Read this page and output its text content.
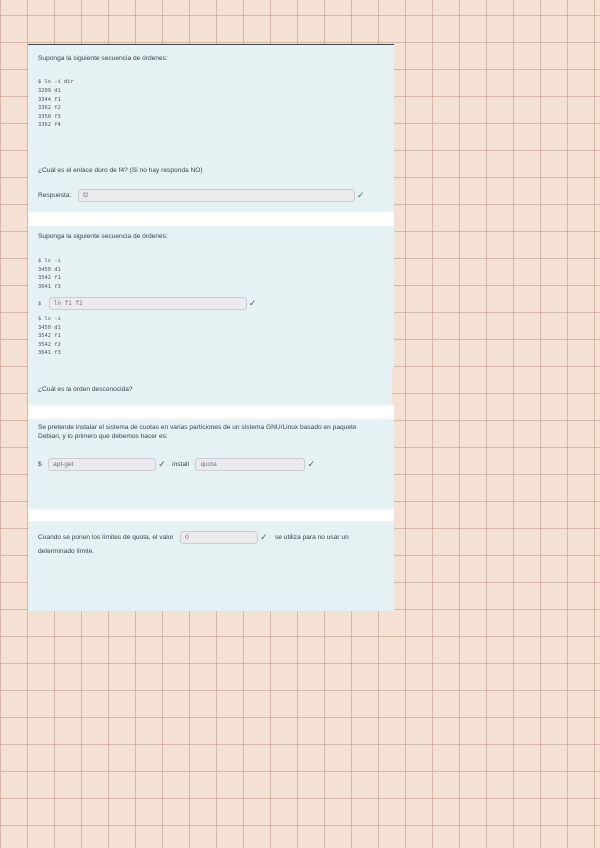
Suponga la siguiente secuencia de órdenes:

$ ls -i dir

3209 d1

3344 f1

3362 f2

3350 f3

3362 f4

¿Cuál es el enlace duro de f4? (Si no hay responda NO)

Respuesta:	f2	✓

Suponga la siguiente secuencia de órdenes:

$ ls -i

3450 d1

3542 f1

3641 f3

$ ln f1 f2	✓

$ ls -i

3450 d1

3542 f1

3542 f2

3641 f3

¿Cuál es la orden desconocida?

Se pretende instalar el sistema de cuotas en varias particiones de un sistema GNU/Linux basado en paquete Debian, y lo primero que debemos hacer es:

$ apt-get	✓ install quota	✓
Cuando se ponen los límites de quota, el valor 0	✓ se utiliza para no usar un

determinado límite.
